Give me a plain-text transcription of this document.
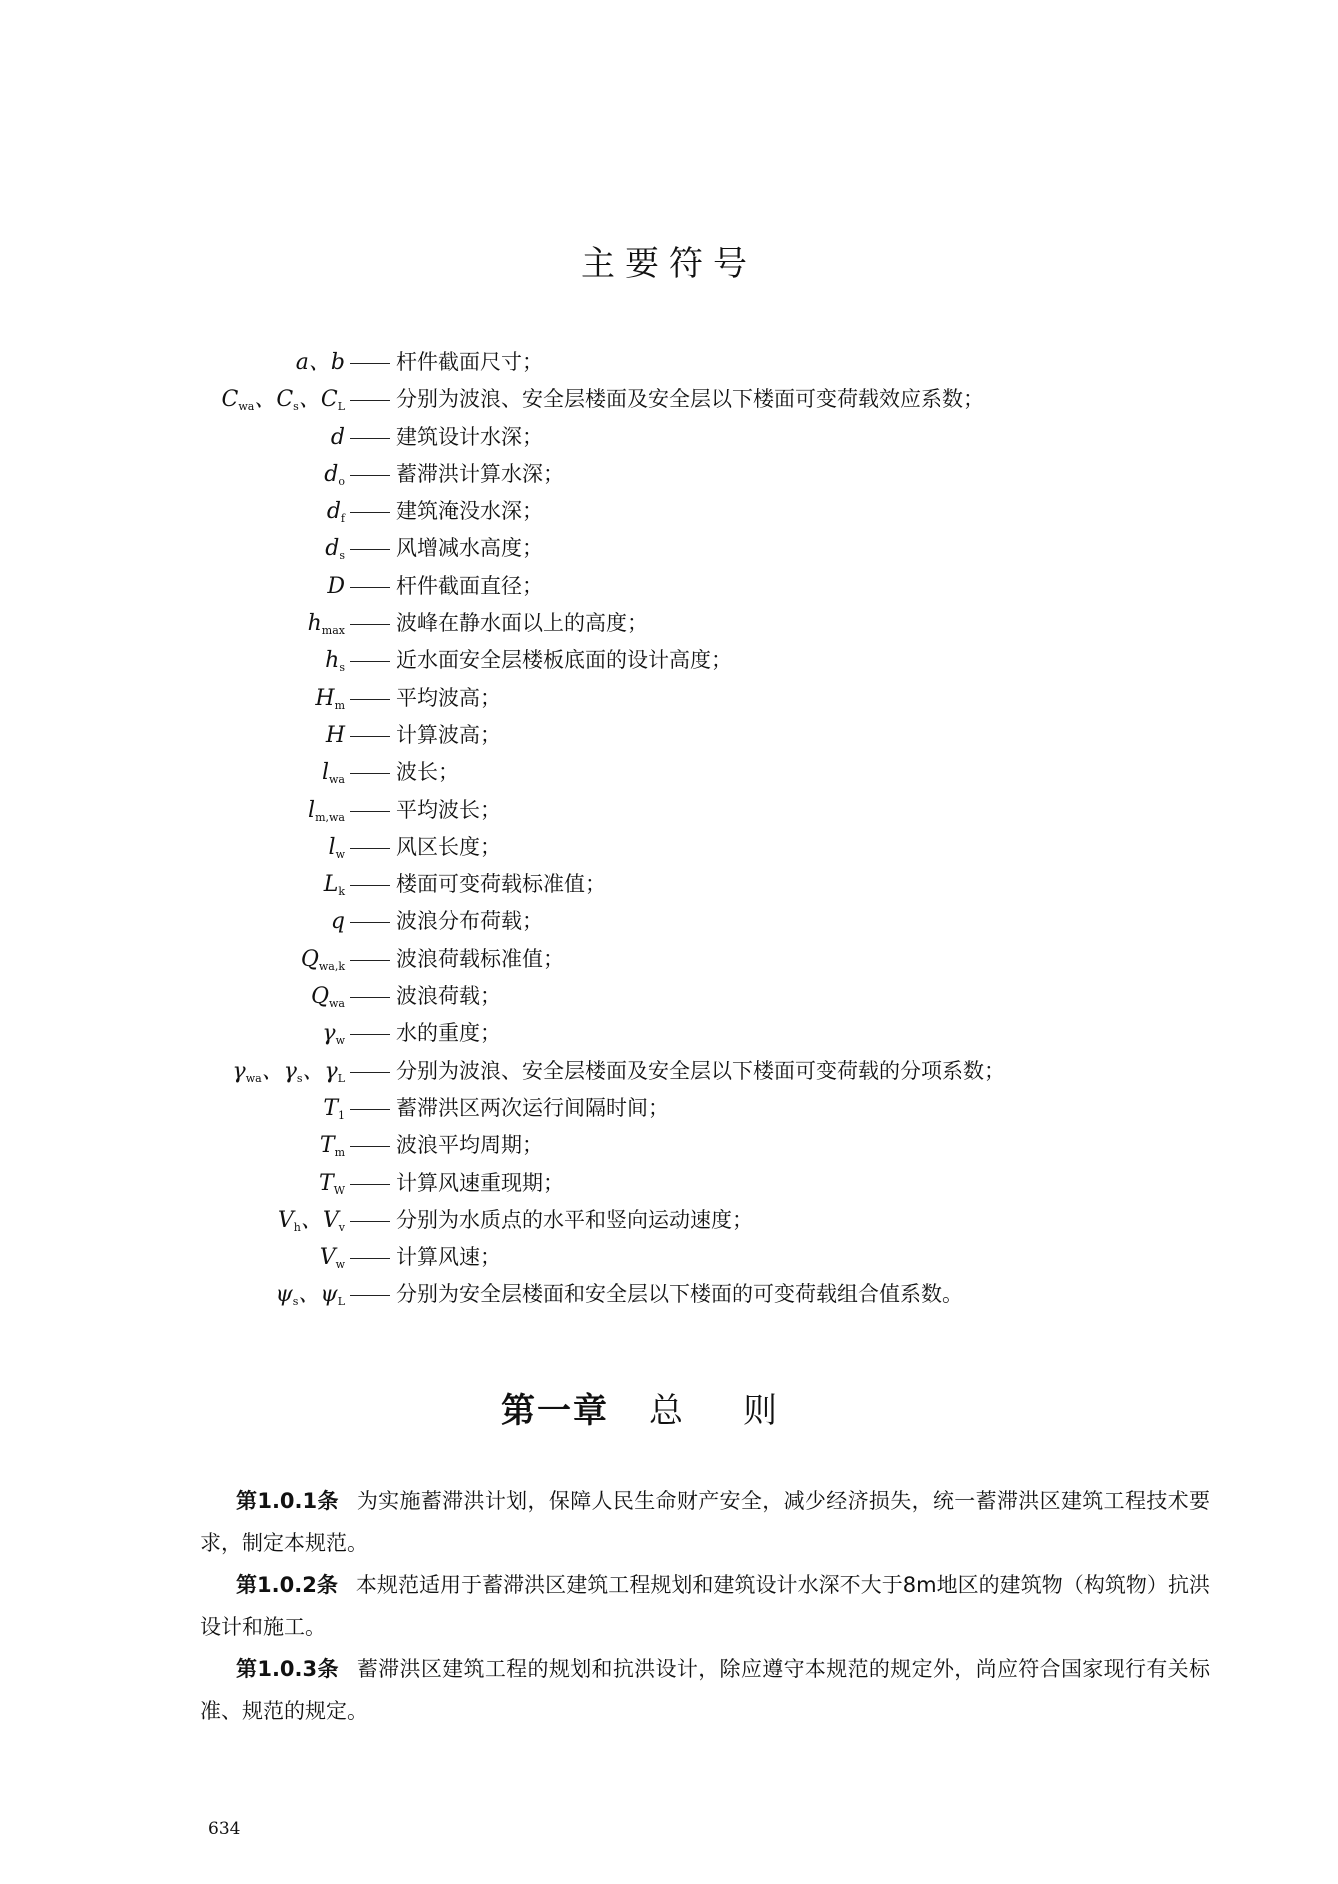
主要符号
a、b 杆件截面尺寸；
$C_{wa}$、$C_s$、$C_L$ 分别为波浪、安全层楼面及安全层以下楼面可变荷载效应系数；
d 建筑设计水深；
$d_o$ 蓄滞洪计算水深；
$d_f$ 建筑淹没水深；
$d_s$ 风增减水高度；
D 杆件截面直径；
$h_{max}$ 波峰在静水面以上的高度；
$h_s$ 近水面安全层楼板底面的设计高度；
$H_m$ 平均波高；
H 计算波高；
$l_{wa}$ 波长；
$l_{m,wa}$ 平均波长；
$l_w$ 风区长度；
$L_k$ 楼面可变荷载标准值；
q 波浪分布荷载；
$Q_{wa,k}$ 波浪荷载标准值；
$Q_{wa}$ 波浪荷载；
$\gamma_w$ 水的重度；
$\gamma_{wa}$、$\gamma_s$、$\gamma_L$ 分别为波浪、安全层楼面及安全层以下楼面可变荷载的分项系数；
$T_1$ 蓄滞洪区两次运行间隔时间；
$T_m$ 波浪平均周期；
$T_W$ 计算风速重现期；
$V_h$、$V_v$ 分别为水质点的水平和竖向运动速度；
$V_w$ 计算风速；
$\psi_s$、$\psi_L$ 分别为安全层楼面和安全层以下楼面的可变荷载组合值系数。
第一章 总则

第1.0.1条 为实施蓄滞洪计划，保障人民生命财产安全，减少经济损失，统一蓄滞洪区建筑工程技术要求，制定本规范。

第1.0.2条 本规范适用于蓄滞洪区建筑工程规划和建筑设计水深不大于8m地区的建筑物（构筑物）抗洪设计和施工。

第1.0.3条 蓄滞洪区建筑工程的规划和抗洪设计，除应遵守本规范的规定外，尚应符合国家现行有关标准、规范的规定。

634
